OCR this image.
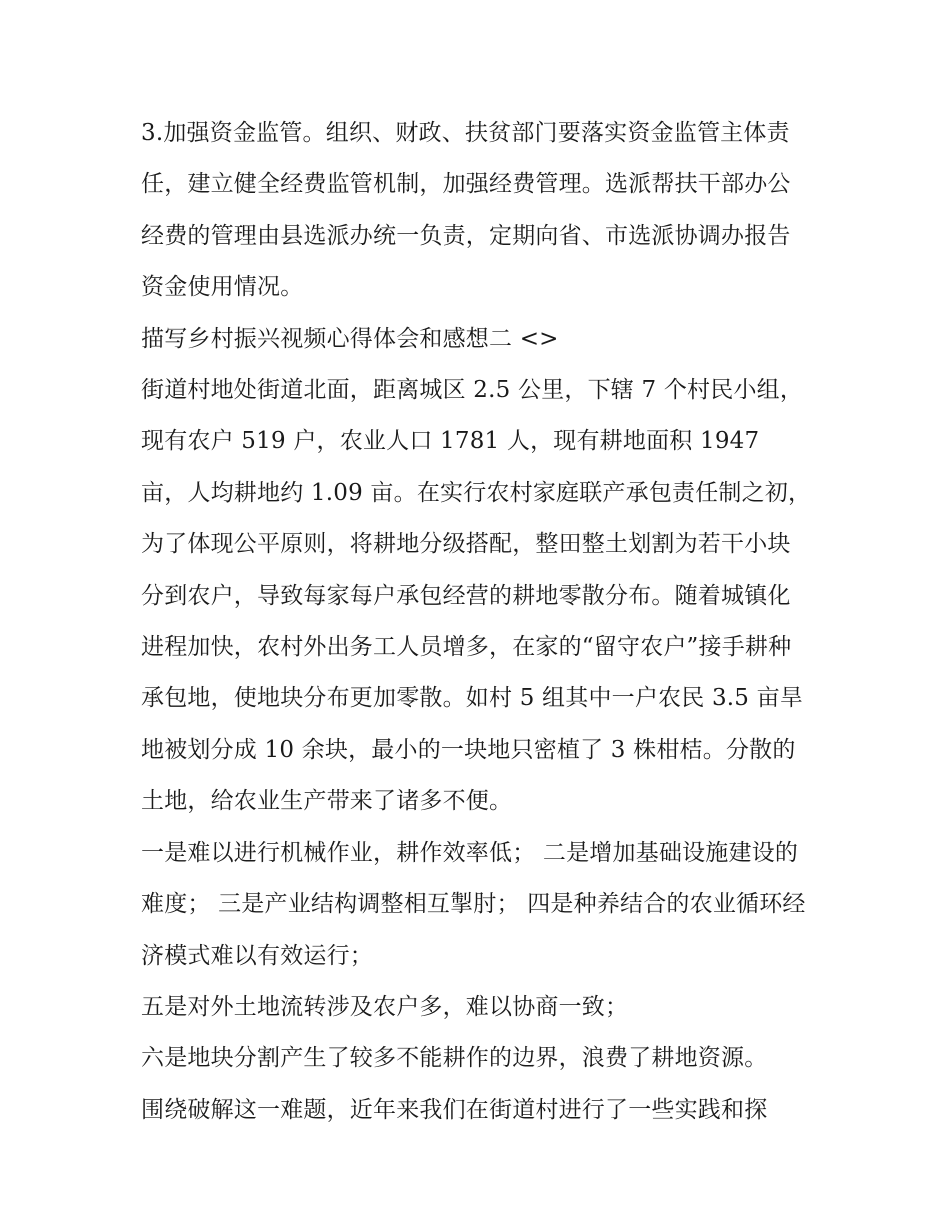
3.加强资金监管。组织、财政、扶贫部门要落实资金监管主体责任，建立健全经费监管机制，加强经费管理。选派帮扶干部办公经费的管理由县选派办统一负责，定期向省、市选派协调办报告资金使用情况。

描写乡村振兴视频心得体会和感想二 <>

街道村地处街道北面，距离城区 2.5 公里，下辖 7 个村民小组，现有农户 519 户，农业人口 1781 人，现有耕地面积 1947 亩，人均耕地约 1.09 亩。在实行农村家庭联产承包责任制之初，为了体现公平原则，将耕地分级搭配，整田整土划割为若干小块分到农户，导致每家每户承包经营的耕地零散分布。随着城镇化进程加快，农村外出务工人员增多，在家的“留守农户”接手耕种承包地，使地块分布更加零散。如村 5 组其中一户农民 3.5 亩旱地被划分成 10 余块，最小的一块地只密植了 3 株柑桔。分散的土地，给农业生产带来了诸多不便。

一是难以进行机械作业，耕作效率低； 二是增加基础设施建设的难度； 三是产业结构调整相互掣肘； 四是种养结合的农业循环经济模式难以有效运行；

五是对外土地流转涉及农户多，难以协商一致；

六是地块分割产生了较多不能耕作的边界，浪费了耕地资源。

围绕破解这一难题，近年来我们在街道村进行了一些实践和探
